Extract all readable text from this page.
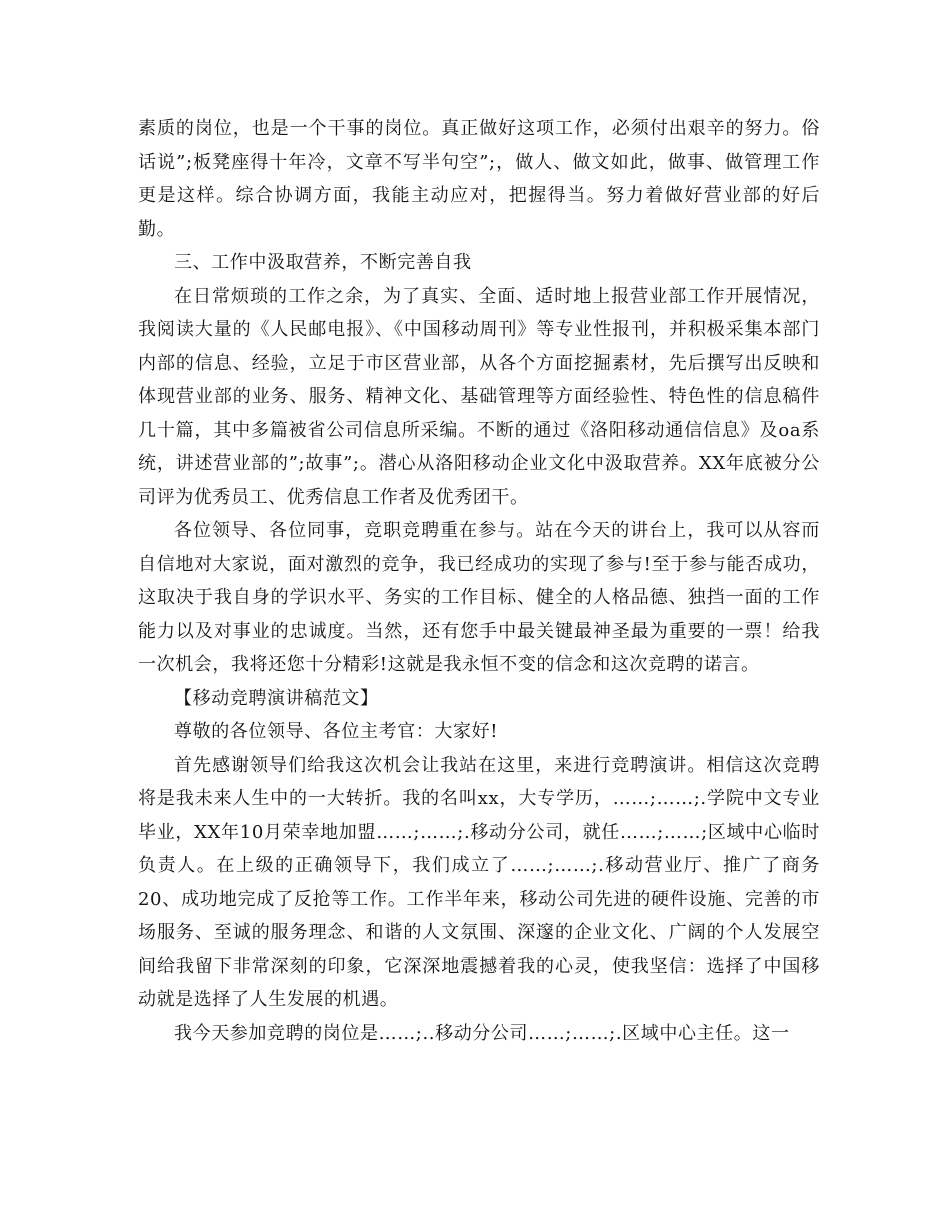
素质的岗位，也是一个干事的岗位。真正做好这项工作，必须付出艰辛的努力。俗话说”;板凳座得十年冷，文章不写半句空”;，做人、做文如此，做事、做管理工作更是这样。综合协调方面，我能主动应对，把握得当。努力着做好营业部的好后勤。

三、工作中汲取营养，不断完善自我

在日常烦琐的工作之余，为了真实、全面、适时地上报营业部工作开展情况，我阅读大量的《人民邮电报》、《中国移动周刊》等专业性报刊，并积极采集本部门内部的信息、经验，立足于市区营业部，从各个方面挖掘素材，先后撰写出反映和体现营业部的业务、服务、精神文化、基础管理等方面经验性、特色性的信息稿件几十篇，其中多篇被省公司信息所采编。不断的通过《洛阳移动通信信息》及oa系统，讲述营业部的”;故事”;。潜心从洛阳移动企业文化中汲取营养。XX年底被分公司评为优秀员工、优秀信息工作者及优秀团干。

各位领导、各位同事，竞职竞聘重在参与。站在今天的讲台上，我可以从容而自信地对大家说，面对激烈的竞争，我已经成功的实现了参与!至于参与能否成功，这取决于我自身的学识水平、务实的工作目标、健全的人格品德、独挡一面的工作能力以及对事业的忠诚度。当然，还有您手中最关键最神圣最为重要的一票！给我一次机会，我将还您十分精彩!这就是我永恒不变的信念和这次竞聘的诺言。

【移动竞聘演讲稿范文】

尊敬的各位领导、各位主考官：大家好!

首先感谢领导们给我这次机会让我站在这里，来进行竞聘演讲。相信这次竞聘将是我未来人生中的一大转折。我的名叫xx，大专学历，……;……;.学院中文专业毕业，XX年10月荣幸地加盟……;……;.移动分公司，就任……;……;区域中心临时负责人。在上级的正确领导下，我们成立了……;……;.移动营业厅、推广了商务20、成功地完成了反抢等工作。工作半年来，移动公司先进的硬件设施、完善的市场服务、至诚的服务理念、和谐的人文氛围、深邃的企业文化、广阔的个人发展空间给我留下非常深刻的印象，它深深地震撼着我的心灵，使我坚信：选择了中国移动就是选择了人生发展的机遇。

我今天参加竞聘的岗位是……;..移动分公司……;……;.区域中心主任。这一
